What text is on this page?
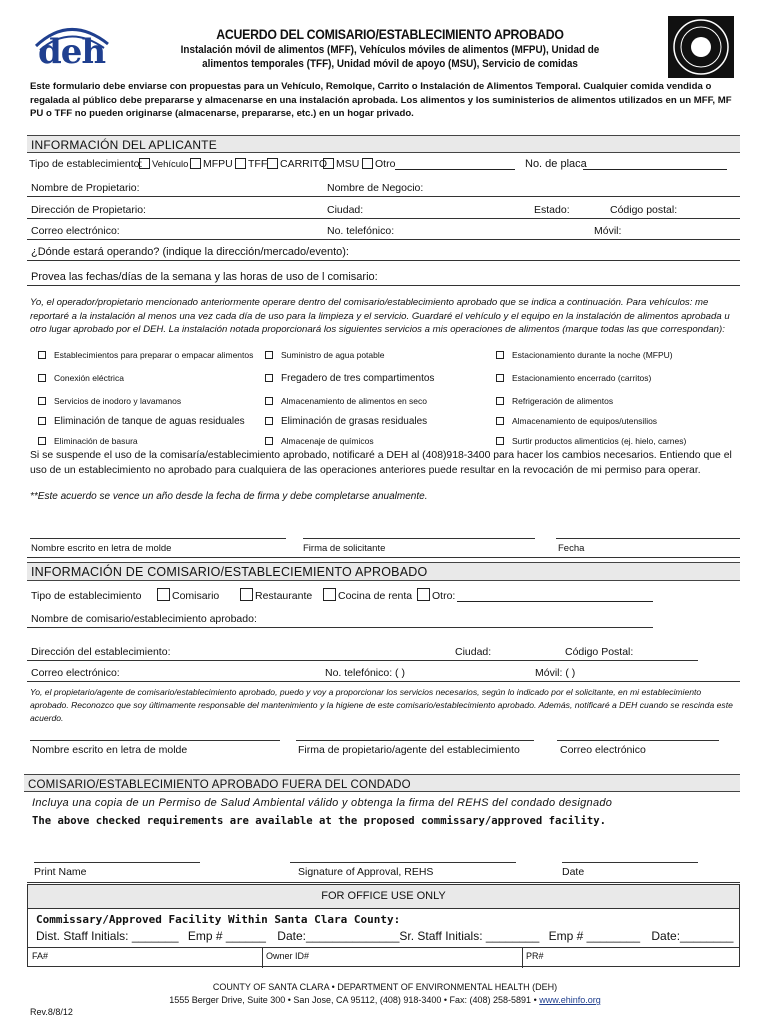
deh	ACUERDO DEL COMISARIO/ESTABLECIMIENTO APROBADO
Instalación móvil de alimentos (MFF), Vehículos móviles de alimentos (MFPU), Unidad de
alimentos temporales (TFF), Unidad móvil de apoyo (MSU), Servicio de comidas
Este formulario debe enviarse con propuestas para un Vehículo, Remolque, Carrito o Instalación de Alimentos Temporal. Cualquier comida vendida o regalada al público debe prepararse y almacenarse en una instalación aprobada. Los alimentos y los suministerios de alimentos utilizados en un MFF, MF PU o TFF no pueden originarse (almacenarse, prepararse, etc.) en un hogar privado.
INFORMACIÓN DEL APLICANTE
Tipo de establecimiento:	Vehículo	MFPU	TFF	CARRITO MSU	Otro	No. de placa
Nombre de Propietario:	Nombre de Negocio:
Dirección de Propietario:	Ciudad:	Estado:	Código postal:
Correo electrónico:	No. telefónico:	Móvil:
¿Dónde estará operando? (indique la dirección/mercado/evento):
Provea las fechas/días de la semana y las horas de uso de l comisario:
Yo, el operador/propietario mencionado anteriormente operare dentro del comisario/establecimiento aprobado que se indica a continuación. Para vehículos: me reportaré a la instalación al menos una vez cada día de uso para la limpieza y el servicio. Guardaré el vehículo y el equipo en la instalación de alimentos aprobada u otro lugar aprobado por el DEH. La instalación notada proporcionará los siguientes servicios a mis operaciones de alimentos (marque todas las que correspondan):
Establecimientos para preparar o empacar alimentos	Suministro de agua potable	Estacionamiento durante la noche (MFPU)
Conexión eléctrica	Fregadero de tres compartimentos	Estacionamiento encerrado (carritos)
Servicios de inodoro y lavamanos	Almacenamiento de alimentos en seco	Refrigeración de alimentos
Eliminación de tanque de aguas residuales	Eliminación de grasas residuales	Almacenamiento de equipos/utensilios
Eliminación de basura	Almacenaje de químicos	Surtir productos alimenticios (ej. hielo, carnes)
Si se suspende el uso de la comisaría/establecimiento aprobado, notificaré a DEH al (408)918-3400 para hacer los cambios necesarios. Entiendo que el uso de un establecimiento no aprobado para cualquiera de las operaciones anteriores puede resultar en la revocación de mi permiso para operar.
**Este acuerdo se vence un año desde la fecha de firma y debe completarse anualmente.
Nombre escrito en letra de molde	Firma de solicitante	Fecha
INFORMACIÓN DE COMISARIO/ESTABLECIEMIENTO APROBADO
Tipo de establecimiento	Comisario	Restaurante	Cocina de renta	Otro:
Nombre de comisario/establecimiento aprobado:
Dirección del establecimiento:	Ciudad:	Código Postal:
Correo electrónico:	No. telefónico: ( )	Móvil: ( )
Yo, el propietario/agente de comisario/establecimiento aprobado, puedo y voy a proporcionar los servicios necesarios, según lo indicado por el solicitante, en mi establecimiento aprobado. Reconozco que soy últimamente responsable del mantenimiento y la higiene de este comisario/establecimiento aprobado. Además, notificaré a DEH cuando se rescinda este acuerdo.
Nombre escrito en letra de molde	Firma de propietario/agente del establecimiento	Correo electrónico
COMISARIO/ESTABLECIMIENTO APROBADO FUERA DEL CONDADO
Incluya una copia de un Permiso de Salud Ambiental válido y obtenga la firma del REHS del condado designado
The above checked requirements are available at the proposed commissary/approved facility.
Print Name	Signature of Approval, REHS	Date
FOR OFFICE USE ONLY
Commissary/Approved Facility Within Santa Clara County:
Dist. Staff Initials: _______ Emp # ______ Date:______________Sr. Staff Initials: ________ Emp # ________ Date:________
FA#	Owner ID#	PR#
COUNTY OF SANTA CLARA • DEPARTMENT OF ENVIRONMENTAL HEALTH (DEH)
1555 Berger Drive, Suite 300 • San Jose, CA 95112, (408) 918-3400 • Fax: (408) 258-5891 • www.ehinfo.org
Rev.8/8/12
